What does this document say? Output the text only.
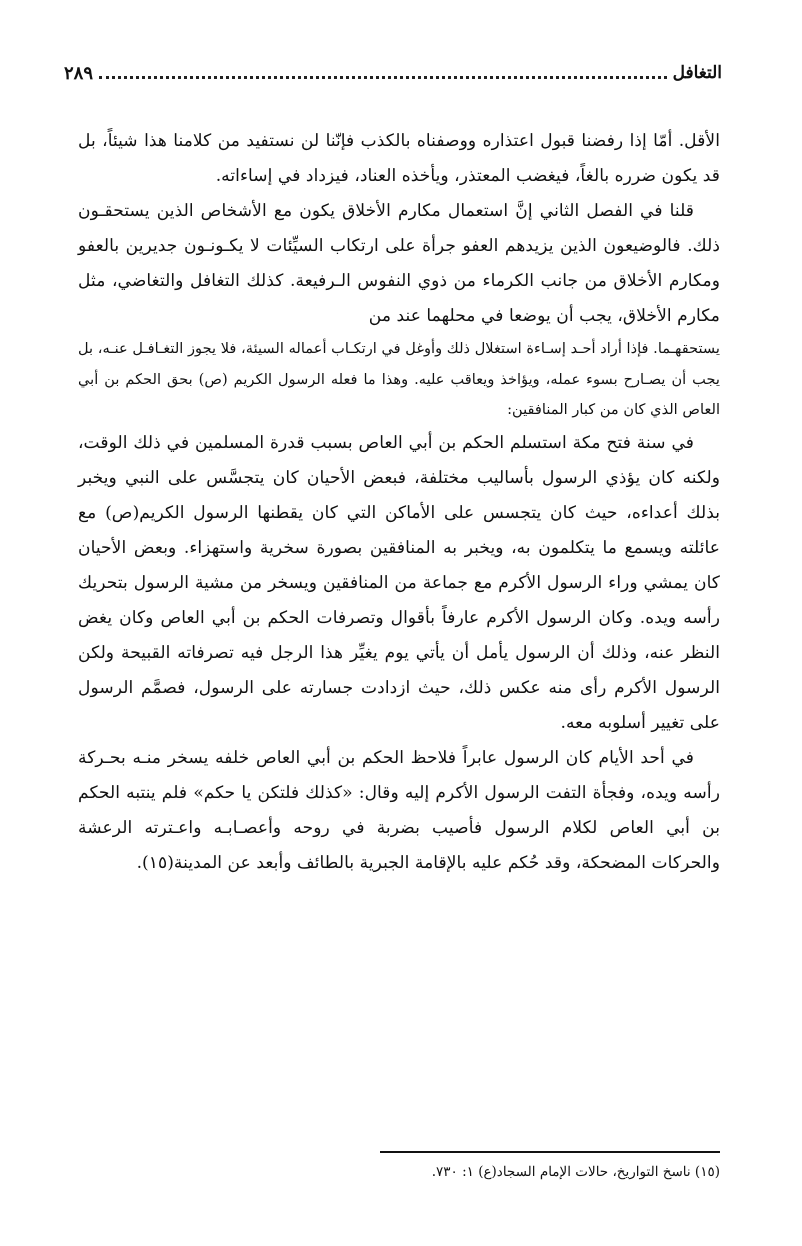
التغافل
٢٨٩

الأقل. أمّا إذا رفضنا قبول اعتذاره ووصفناه بالكذب فإنّنا لن نستفيد من كلامنا هذا شيئاً، بل قد يكون ضرره بالغاً، فيغضب المعتذر، ويأخذه العناد، فيزداد في إساءاته.

قلنا في الفصل الثاني إنَّ استعمال مكارم الأخلاق يكون مع الأشخاص الذين يستحقـون ذلك. فالوضيعون الذين يزيدهم العفو جرأة على ارتكاب السيِّئات لا يكـونـون جديرين بالعفو ومكارم الأخلاق من جانب الكرماء من ذوي النفوس الـرفيعة. كذلك التغافل والتغاضي، مثل مكارم الأخلاق، يجب أن يوضعا في محلهما عند من

يستحقهـما. فإذا أراد أحـد إسـاءة استغلال ذلك وأوغل في ارتكـاب أعماله السيئة، فلا يجوز التغـافـل عنـه، بل يجب أن يصـارح بسوء عمله، ويؤاخذ ويعاقب عليه. وهذا ما فعله الرسول الكريم (ص) بحق الحكم بن أبي العاص الذي كان من كبار المنافقين:

في سنة فتح مكة استسلم الحكم بن أبي العاص بسبب قدرة المسلمين في ذلك الوقت، ولكنه كان يؤذي الرسول بأساليب مختلفة، فبعض الأحيان كان يتجسَّس على النبي ويخبر بذلك أعداءه، حيث كان يتجسس على الأماكن التي كان يقطنها الرسول الكريم(ص) مع عائلته ويسمع ما يتكلمون به، ويخبر به المنافقين بصورة سخرية واستهزاء. وبعض الأحيان كان يمشي وراء الرسول الأكرم مع جماعة من المنافقين ويسخر من مشية الرسول بتحريك رأسه ويده. وكان الرسول الأكرم عارفاً بأقوال وتصرفات الحكم بن أبي العاص وكان يغض النظر عنه، وذلك أن الرسول يأمل أن يأتي يوم يغيِّر هذا الرجل فيه تصرفاته القبيحة ولكن الرسول الأكرم رأى منه عكس ذلك، حيث ازدادت جسارته على الرسول، فصمَّم الرسول على تغيير أسلوبه معه.

في أحد الأيام كان الرسول عابراً فلاحظ الحكم بن أبي العاص خلفه يسخر منـه بحـركة رأسه ويده، وفجأة التفت الرسول الأكرم إليه وقال: «كذلك فلتكن يا حكم» فلم ينتبه الحكم بن أبي العاص لكلام الرسول فأصيب بضربة في روحه وأعصـابـه واعـترته الرعشة والحركات المضحكة، وقد حُكم عليه بالإقامة الجبرية بالطائف وأبعد عن المدينة(١٥).

(١٥) ناسخ التواريخ، حالات الإمام السجاد(ع) ١: ٧٣٠.
